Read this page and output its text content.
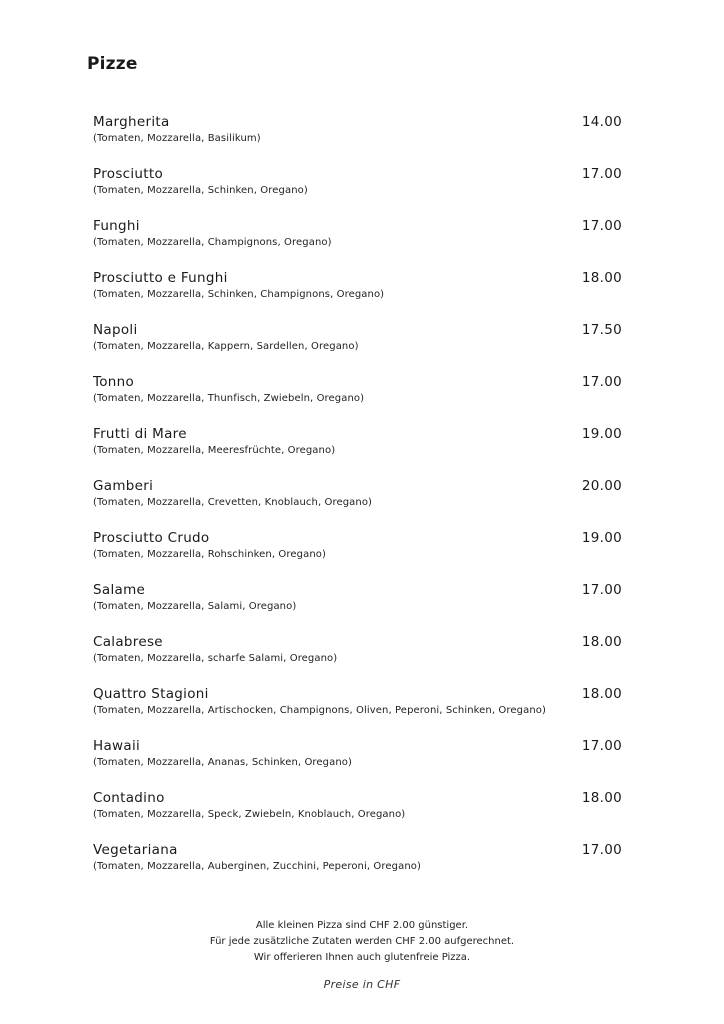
Pizze
Margherita
(Tomaten, Mozzarella, Basilikum)
14.00
Prosciutto
(Tomaten, Mozzarella, Schinken, Oregano)
17.00
Funghi
(Tomaten, Mozzarella, Champignons, Oregano)
17.00
Prosciutto e Funghi
(Tomaten, Mozzarella, Schinken, Champignons, Oregano)
18.00
Napoli
(Tomaten, Mozzarella, Kappern, Sardellen, Oregano)
17.50
Tonno
(Tomaten, Mozzarella, Thunfisch, Zwiebeln, Oregano)
17.00
Frutti di Mare
(Tomaten, Mozzarella, Meeresfrüchte, Oregano)
19.00
Gamberi
(Tomaten, Mozzarella, Crevetten, Knoblauch, Oregano)
20.00
Prosciutto Crudo
(Tomaten, Mozzarella, Rohschinken, Oregano)
19.00
Salame
(Tomaten, Mozzarella, Salami, Oregano)
17.00
Calabrese
(Tomaten, Mozzarella, scharfe Salami, Oregano)
18.00
Quattro Stagioni
(Tomaten, Mozzarella, Artischocken, Champignons, Oliven, Peperoni, Schinken, Oregano)
18.00
Hawaii
(Tomaten, Mozzarella, Ananas, Schinken, Oregano)
17.00
Contadino
(Tomaten, Mozzarella, Speck, Zwiebeln, Knoblauch, Oregano)
18.00
Vegetariana
(Tomaten, Mozzarella, Auberginen, Zucchini, Peperoni, Oregano)
17.00
Alle kleinen Pizza sind CHF 2.00 günstiger.
Für jede zusätzliche Zutaten werden CHF 2.00 aufgerechnet.
Wir offerieren Ihnen auch glutenfreie Pizza.
Preise in CHF
